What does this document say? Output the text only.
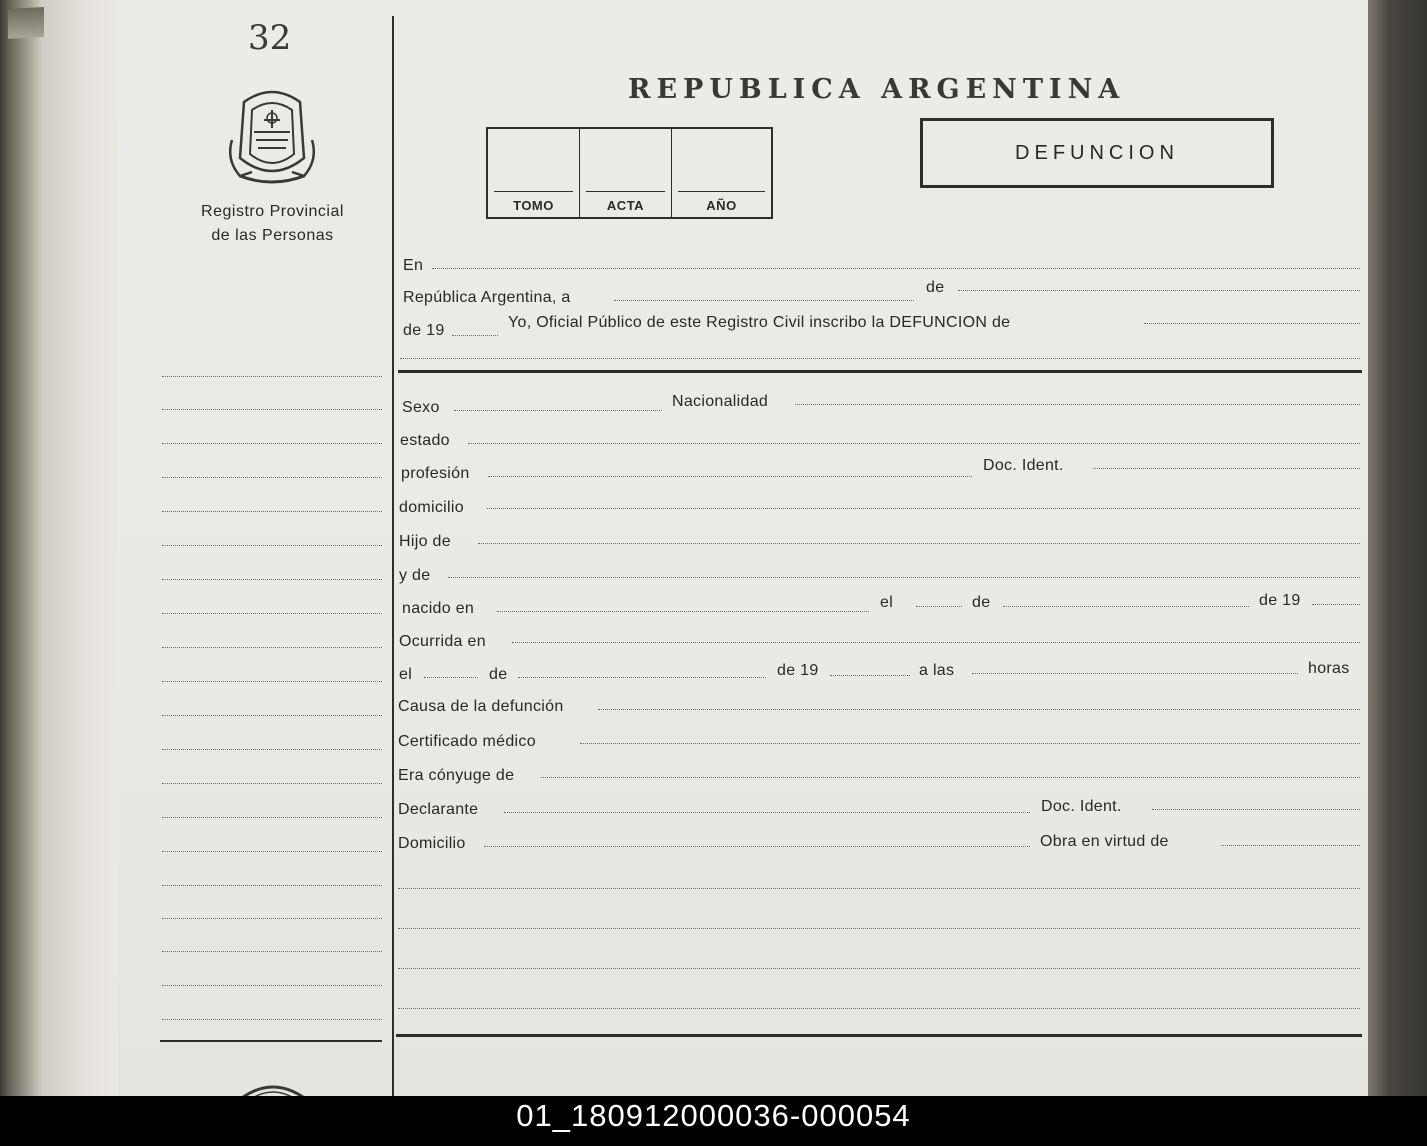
32
Registro Provincial
de las Personas
REPUBLICA ARGENTINA
TOMO	ACTA	AÑO
DEFUNCION
En
República Argentina, a
de
de 19	Yo, Oficial Público de este Registro Civil inscribo la DEFUNCION de
Sexo	Nacionalidad
estado
profesión	Doc. Ident.
domicilio
Hijo de
y de
nacido en	el	de	de 19
Ocurrida en
el	de	de 19	a las	horas
Causa de la defunción
Certificado médico
Era cónyuge de
Declarante	Doc. Ident.
Domicilio	Obra en virtud de
01_180912000036-000054
